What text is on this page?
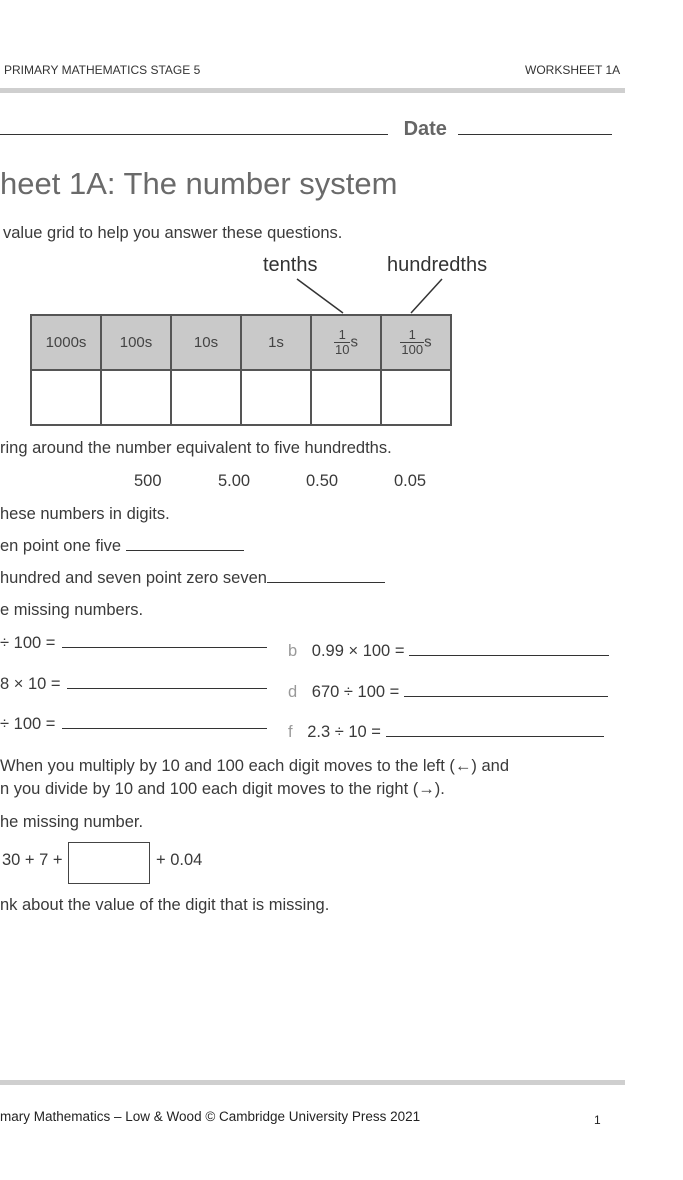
PRIMARY MATHEMATICS STAGE 5	WORKSHEET 1A
Date
heet 1A: The number system
value grid to help you answer these questions.
tenths	hundredths
1000s	100s	10s	1s	$\frac{1}{10}$ s	$\frac{1}{100}$ s

ring around the number equivalent to five hundredths.
500	5.00	0.50	0.05
hese numbers in digits.
en point one five
hundred and seven point zero seven
e missing numbers.
÷ 100 =	b 0.99 × 100 =
8 × 10 =	d 670 ÷ 100 =
÷ 100 =	f 2.3 ÷ 10 =
When you multiply by 10 and 100 each digit moves to the left (←) and
n you divide by 10 and 100 each digit moves to the right (→).
he missing number.
30 + 7 +	+ 0.04
nk about the value of the digit that is missing.
mary Mathematics – Low & Wood © Cambridge University Press 2021	1
